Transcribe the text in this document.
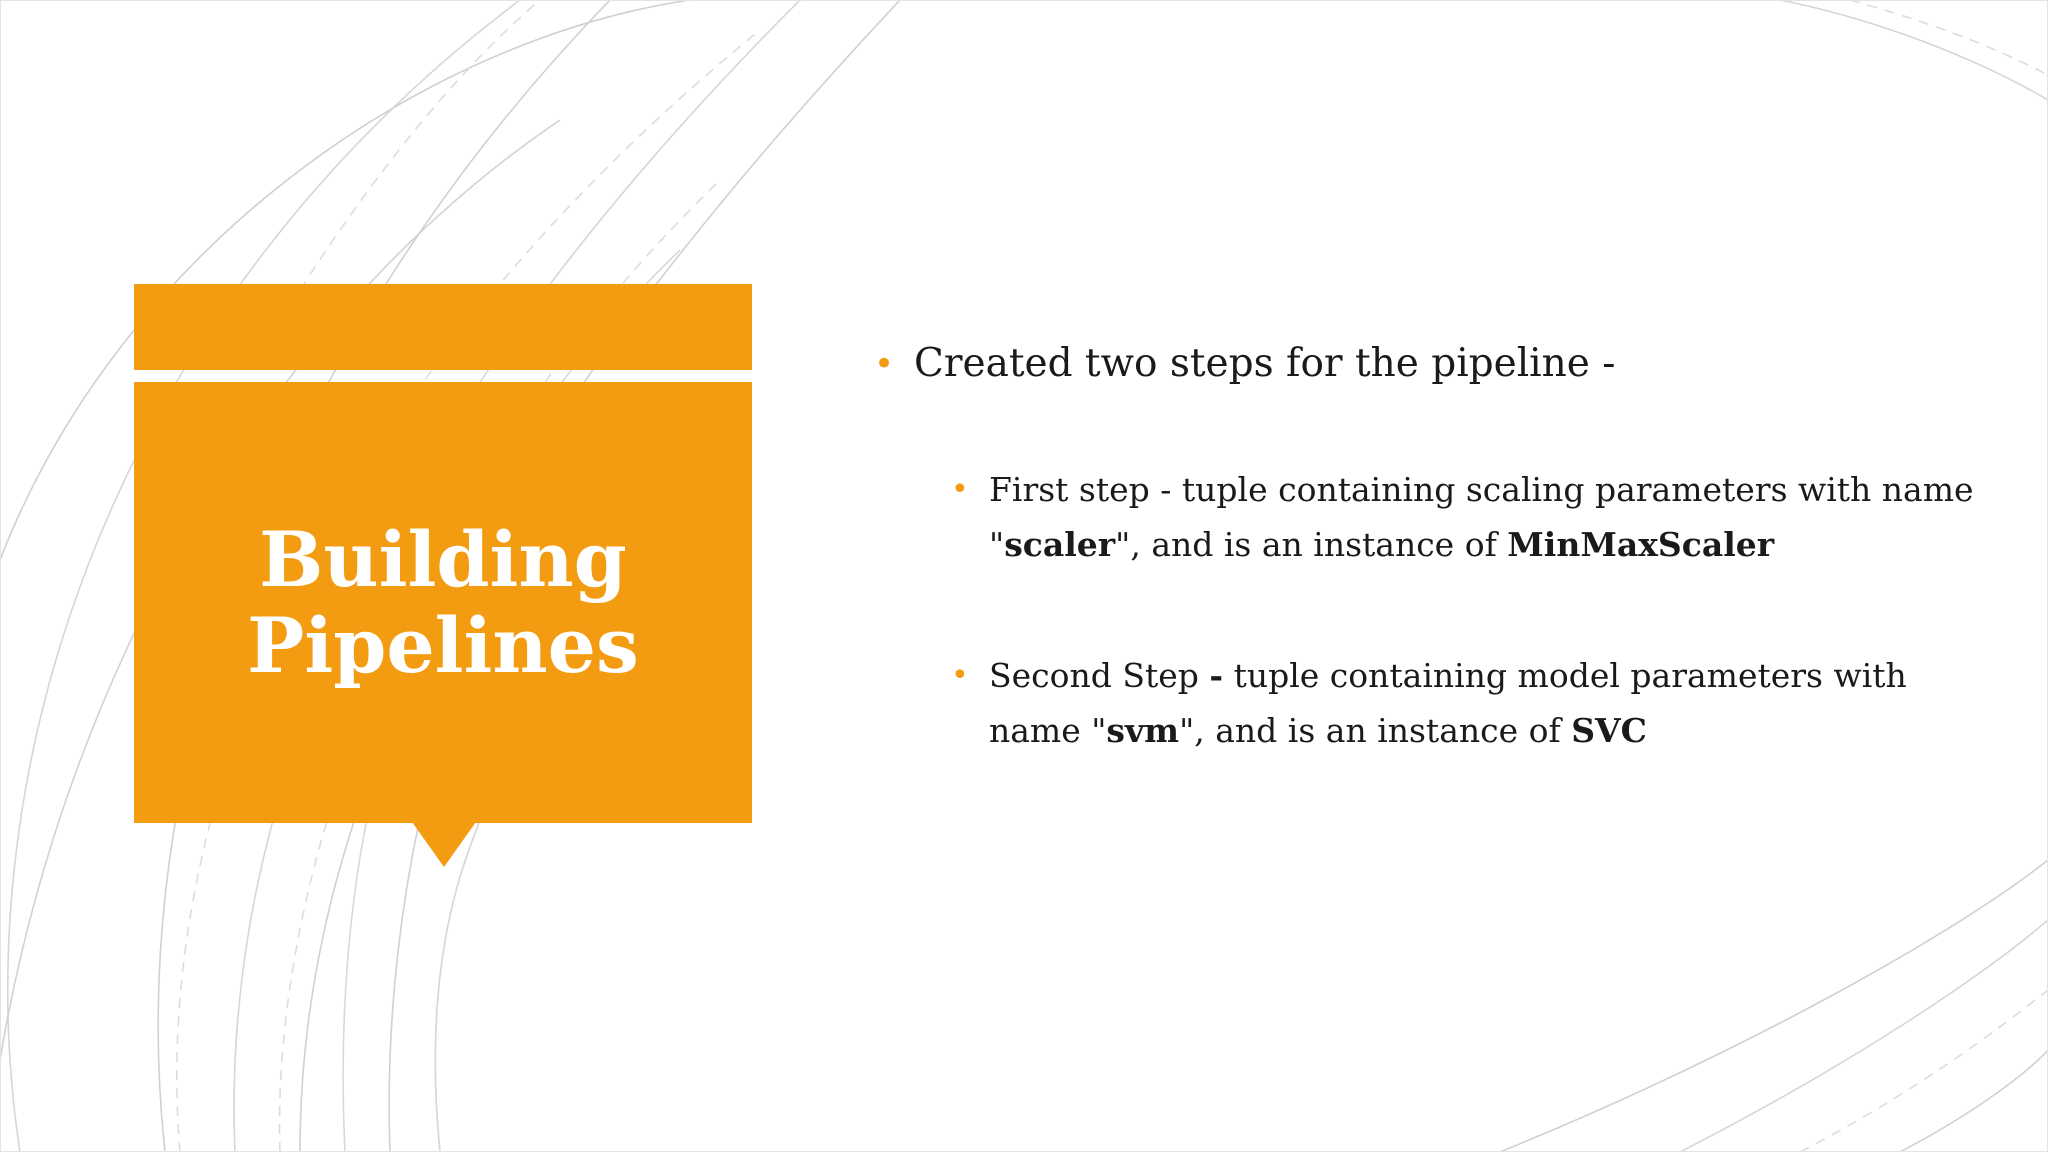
Building Pipelines
• Created two steps for the pipeline -
• First step - tuple containing scaling parameters with name "scaler", and is an instance of MinMaxScaler
• Second Step - tuple containing model parameters with name "svm", and is an instance of SVC
